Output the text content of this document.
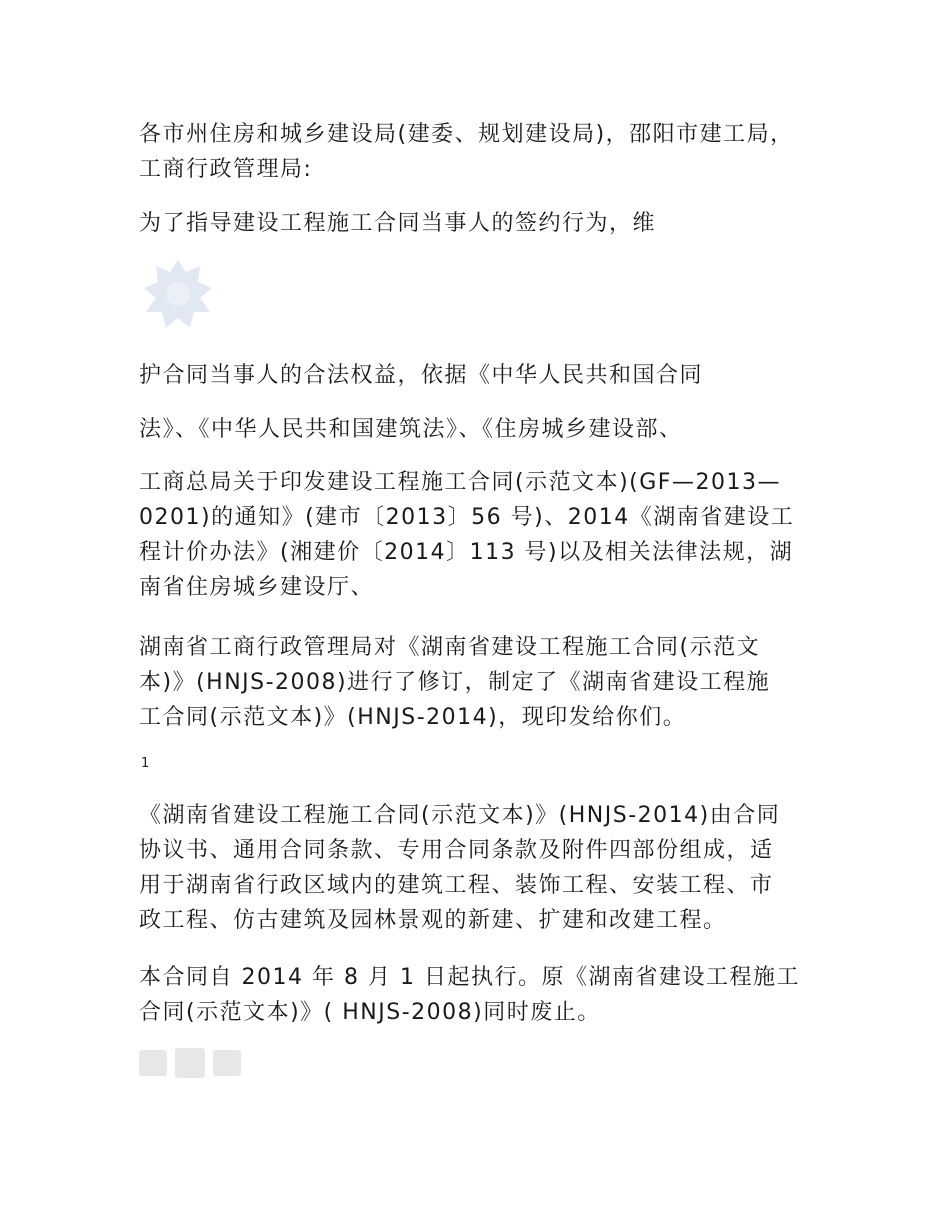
各市州住房和城乡建设局(建委、规划建设局)，邵阳市建工局，
工商行政管理局:
为了指导建设工程施工合同当事人的签约行为，维
护合同当事人的合法权益，依据《中华人民共和国合同
法》、《中华人民共和国建筑法》、《住房城乡建设部、
工商总局关于印发建设工程施工合同(示范文本)(GF—2013—
0201)的通知》(建市〔2013〕56 号)、2014《湖南省建设工
程计价办法》(湘建价〔2014〕113 号)以及相关法律法规，湖
南省住房城乡建设厅、
湖南省工商行政管理局对《湖南省建设工程施工合同(示范文
本)》(HNJS-2008)进行了修订，制定了《湖南省建设工程施
工合同(示范文本)》(HNJS-2014)，现印发给你们。
1
《湖南省建设工程施工合同(示范文本)》(HNJS-2014)由合同
协议书、通用合同条款、专用合同条款及附件四部份组成，适
用于湖南省行政区域内的建筑工程、装饰工程、安装工程、市
政工程、仿古建筑及园林景观的新建、扩建和改建工程。
本合同自 2014 年 8 月 1 日起执行。原《湖南省建设工程施工
合同(示范文本)》( HNJS-2008)同时废止。
